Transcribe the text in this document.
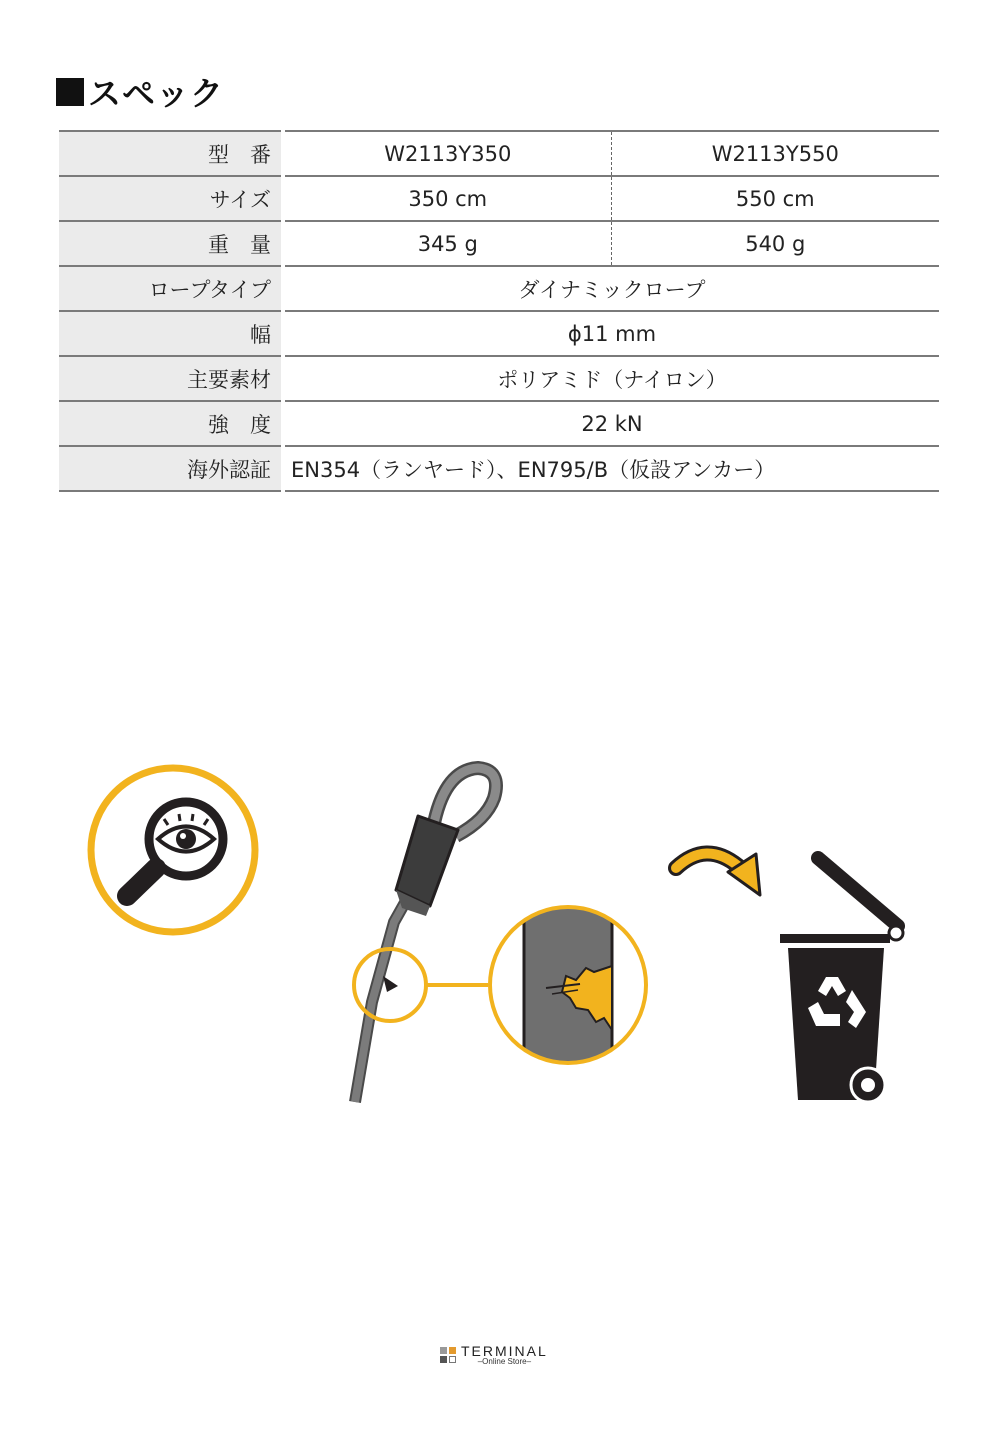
スペック
型　番	W2113Y350	W2113Y550
サイズ	350 cm	550 cm
重　量	345 g	540 g
ロープタイプ	ダイナミックロープ	
幅	ϕ11 mm	
主要素材	ポリアミド（ナイロン）	
強　度	22 kN	
海外認証	EN354（ランヤード）、EN795/B（仮設アンカー）	
TERMINAL
–Online Store–
